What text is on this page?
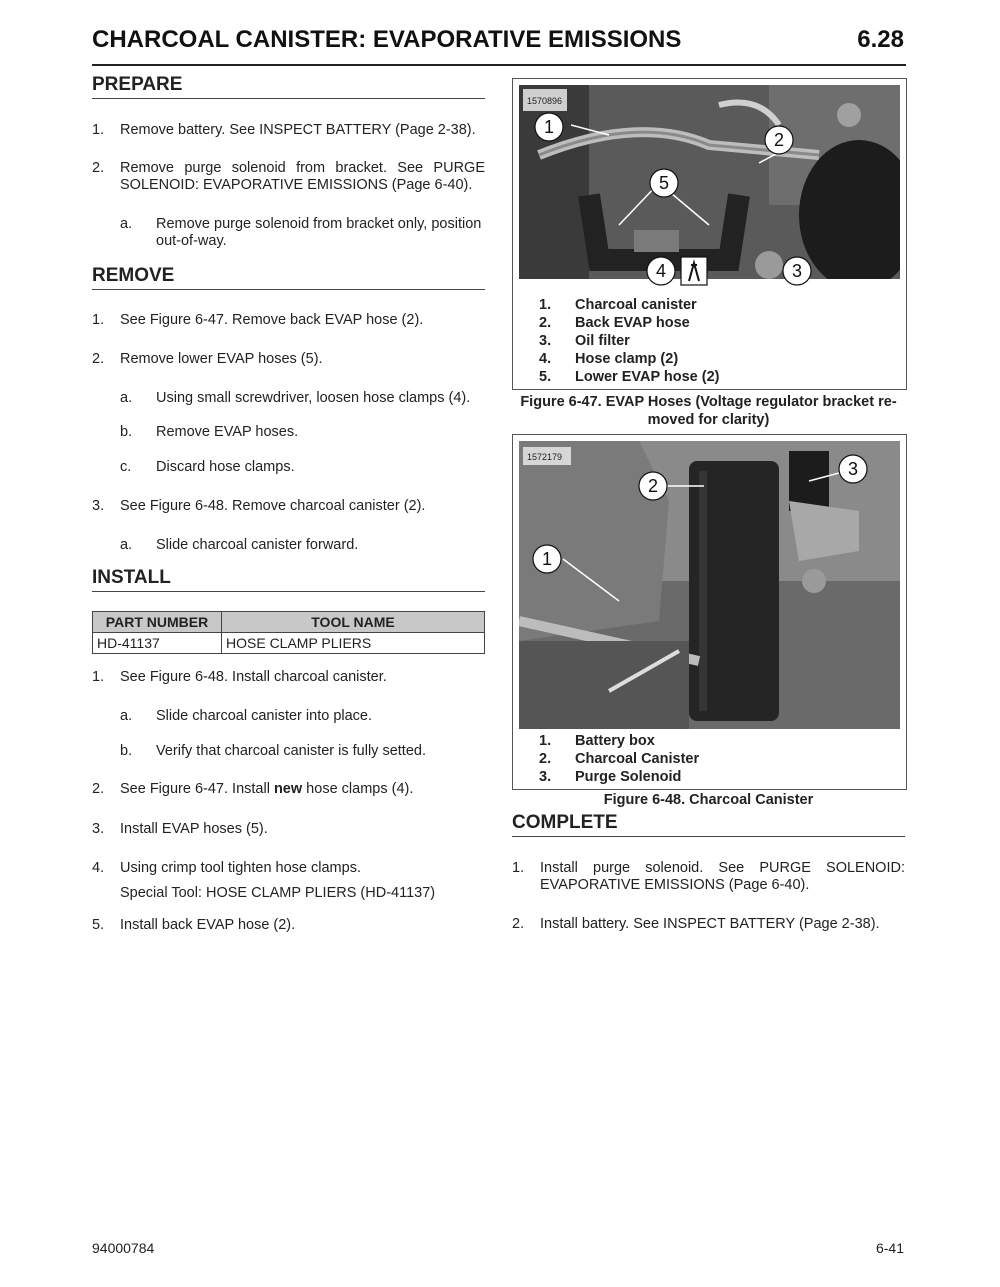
CHARCOAL CANISTER: EVAPORATIVE EMISSIONS	6.28
PREPARE
1.	Remove battery. See INSPECT BATTERY (Page 2-38).
2.	Remove purge solenoid from bracket. See PURGE SOLENOID: EVAPORATIVE EMISSIONS (Page 6-40).
a.	Remove purge solenoid from bracket only, position out-of-way.
REMOVE
1.	See Figure 6-47. Remove back EVAP hose (2).
2.	Remove lower EVAP hoses (5).
a.	Using small screwdriver, loosen hose clamps (4).
b.	Remove EVAP hoses.
c.	Discard hose clamps.
3.	See Figure 6-48. Remove charcoal canister (2).
a.	Slide charcoal canister forward.
INSTALL
PART NUMBER	TOOL NAME
HD-41137	HOSE CLAMP PLIERS
1.	See Figure 6-48. Install charcoal canister.
a.	Slide charcoal canister into place.
b.	Verify that charcoal canister is fully setted.
2.	See Figure 6-47. Install new hose clamps (4).
3.	Install EVAP hoses (5).
4.	Using crimp tool tighten hose clamps.
Special Tool: HOSE CLAMP PLIERS (HD-41137)
5.	Install back EVAP hose (2).
1570896
1
2
5
4	3
1. Charcoal canister
2. Back EVAP hose
3. Oil filter
4. Hose clamp (2)
5. Lower EVAP hose (2)
Figure 6-47. EVAP Hoses (Voltage regulator bracket re-
moved for clarity)
1572179
1
2
3
1. Battery box
2. Charcoal Canister
3. Purge Solenoid
Figure 6-48. Charcoal Canister
COMPLETE
1.	Install purge solenoid. See PURGE SOLENOID: EVAPORATIVE EMISSIONS (Page 6-40).
2.	Install battery. See INSPECT BATTERY (Page 2-38).
94000784	6-41
